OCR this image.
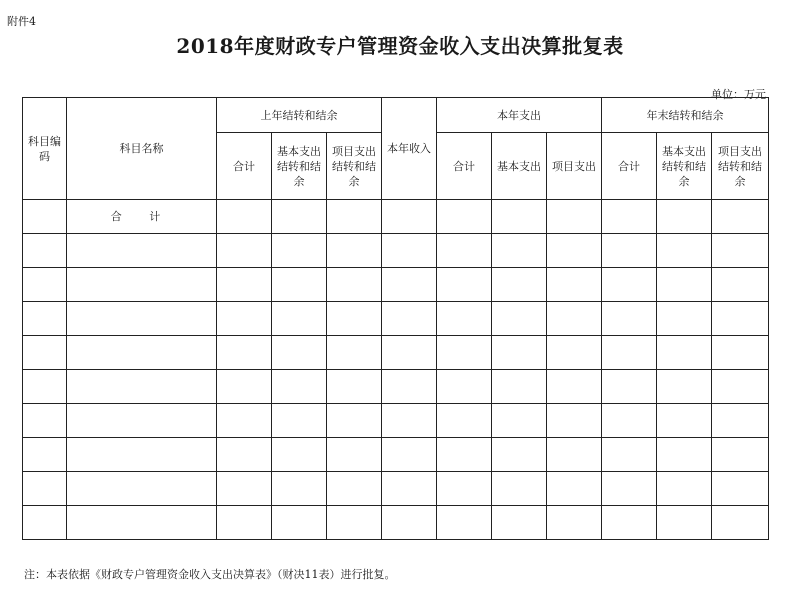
附件4
2018年度财政专户管理资金收入支出决算批复表
单位：万元
科目编码	科目名称	上年结转和结余			本年收入	本年支出			年末结转和结余		
		合计	基本支出结转和结余	项目支出结转和结余		合计	基本支出	项目支出	合计	基本支出结转和结余	项目支出结转和结余
	合 计										

注：本表依据《财政专户管理资金收入支出决算表》（财决11表）进行批复。
